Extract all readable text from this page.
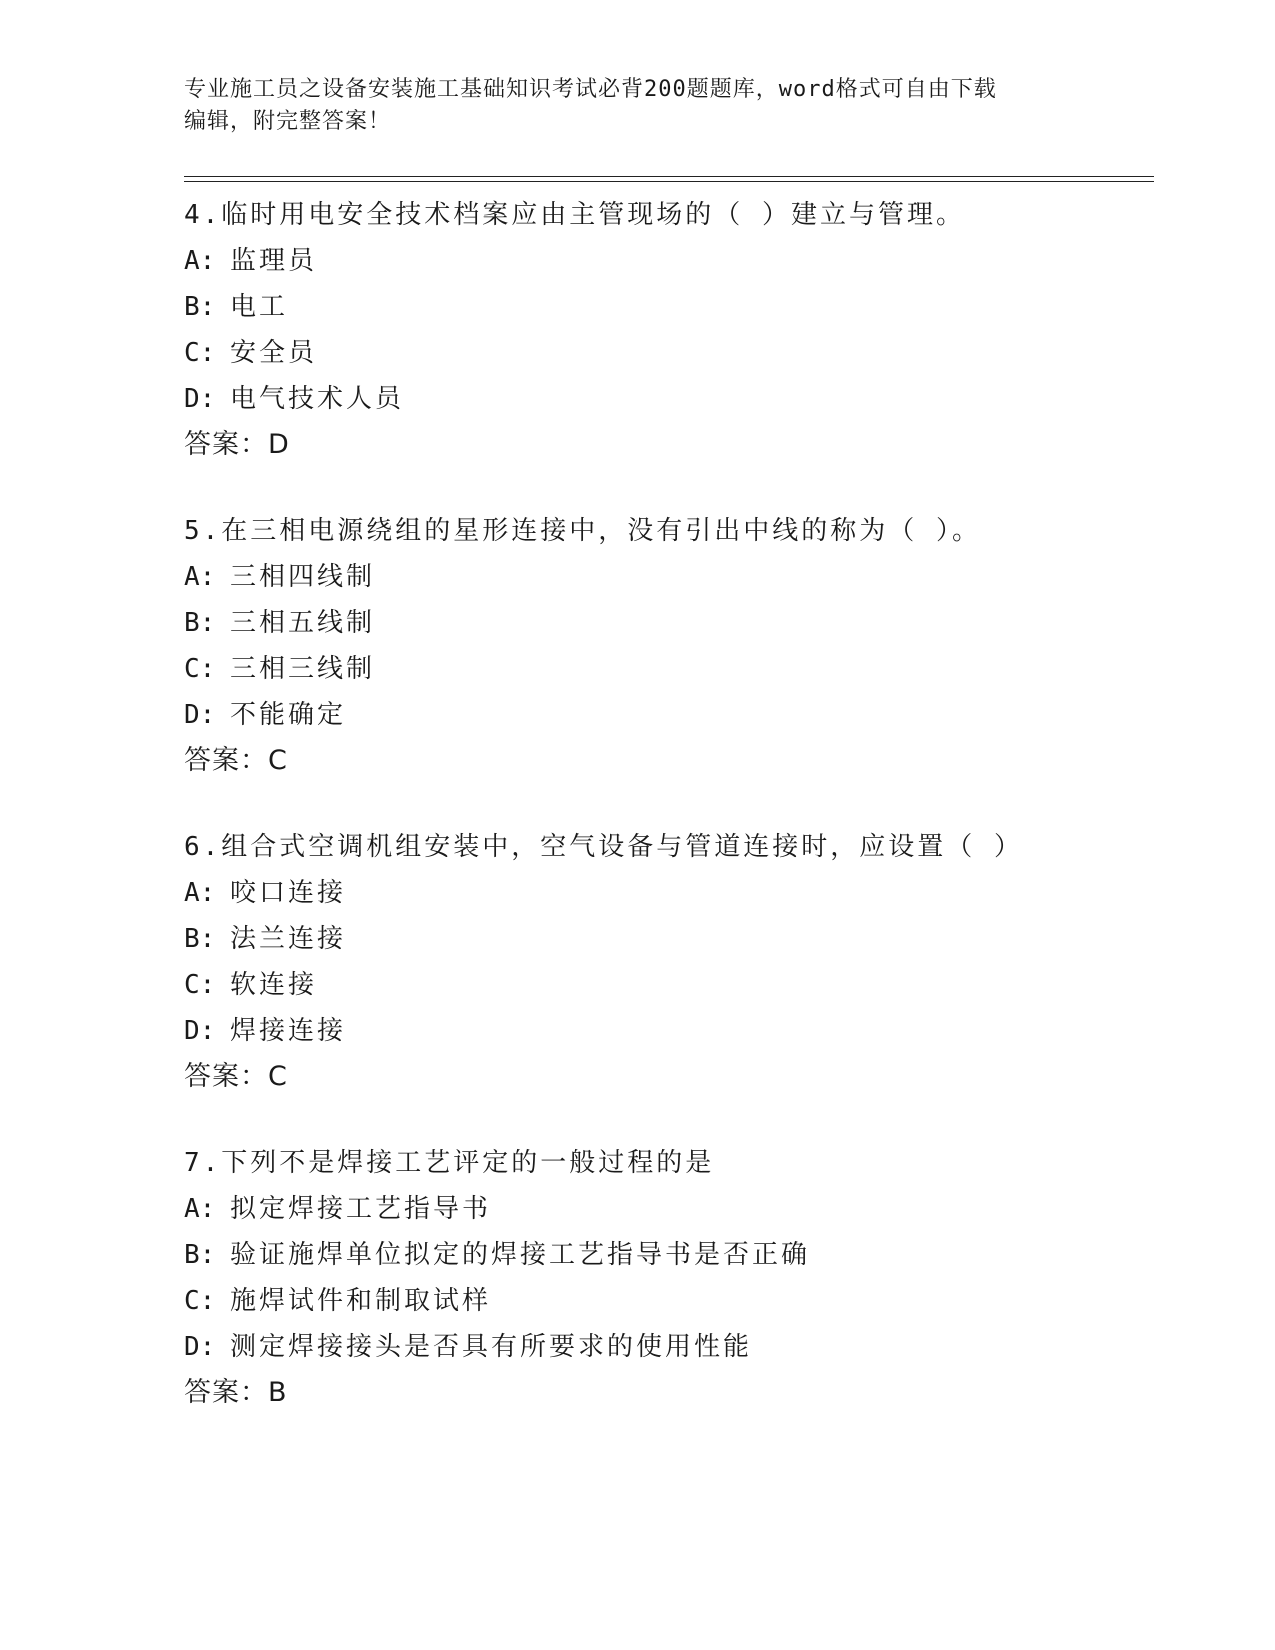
专业施工员之设备安装施工基础知识考试必背200题题库，word格式可自由下载
编辑，附完整答案！
4.临时用电安全技术档案应由主管现场的（ ）建立与管理。
A: 监理员
B: 电工
C: 安全员
D: 电气技术人员
答案：D
5.在三相电源绕组的星形连接中，没有引出中线的称为（ ）。
A: 三相四线制
B: 三相五线制
C: 三相三线制
D: 不能确定
答案：C
6.组合式空调机组安装中，空气设备与管道连接时，应设置（ ）
A: 咬口连接
B: 法兰连接
C: 软连接
D: 焊接连接
答案：C
7.下列不是焊接工艺评定的一般过程的是
A: 拟定焊接工艺指导书
B: 验证施焊单位拟定的焊接工艺指导书是否正确
C: 施焊试件和制取试样
D: 测定焊接接头是否具有所要求的使用性能
答案：B
